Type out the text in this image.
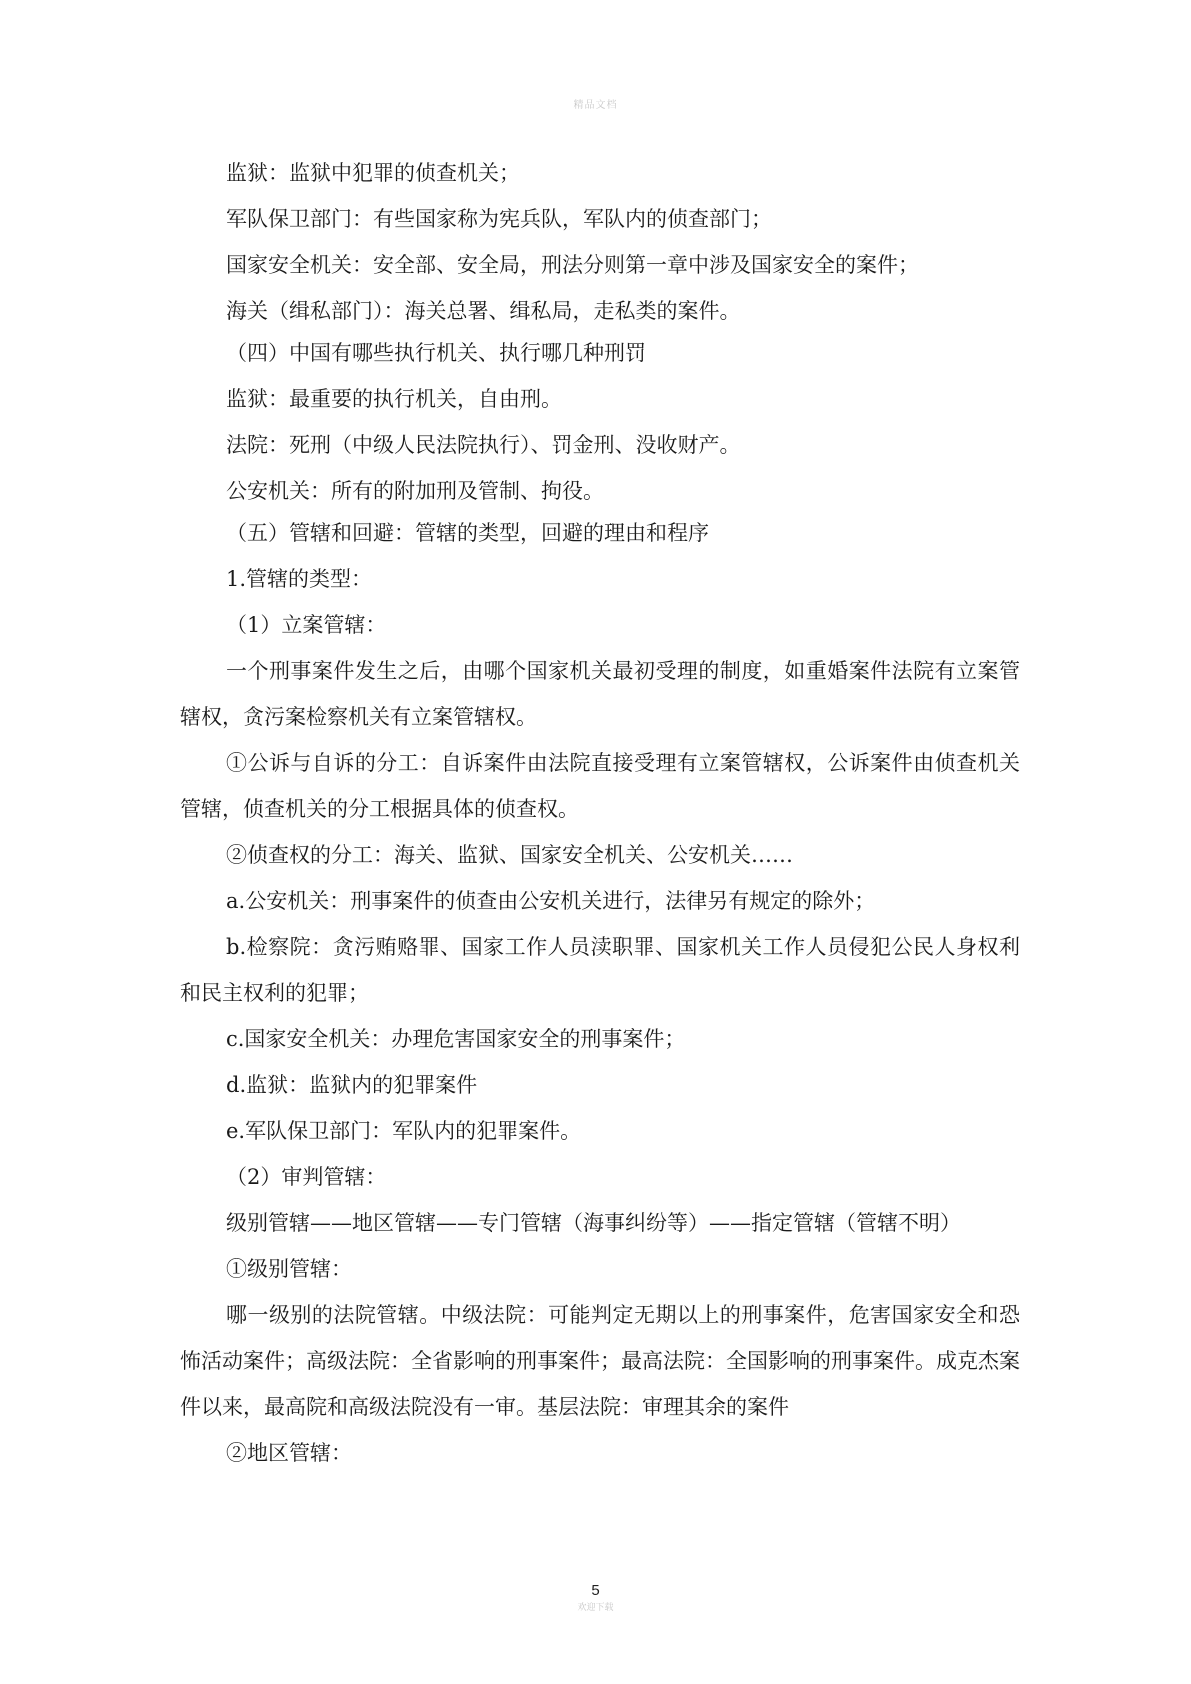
精品文档

监狱：监狱中犯罪的侦查机关；

军队保卫部门：有些国家称为宪兵队，军队内的侦查部门；

国家安全机关：安全部、安全局，刑法分则第一章中涉及国家安全的案件；

海关（缉私部门）：海关总署、缉私局，走私类的案件。

（四）中国有哪些执行机关、执行哪几种刑罚

监狱：最重要的执行机关，自由刑。

法院：死刑（中级人民法院执行）、罚金刑、没收财产。

公安机关：所有的附加刑及管制、拘役。

（五）管辖和回避：管辖的类型，回避的理由和程序

1.管辖的类型：

（1）立案管辖：

一个刑事案件发生之后，由哪个国家机关最初受理的制度，如重婚案件法院有立案管辖权，贪污案检察机关有立案管辖权。

①公诉与自诉的分工：自诉案件由法院直接受理有立案管辖权，公诉案件由侦查机关管辖，侦查机关的分工根据具体的侦查权。

②侦查权的分工：海关、监狱、国家安全机关、公安机关……

a.公安机关：刑事案件的侦查由公安机关进行，法律另有规定的除外；

b.检察院：贪污贿赂罪、国家工作人员渎职罪、国家机关工作人员侵犯公民人身权利和民主权利的犯罪；

c.国家安全机关：办理危害国家安全的刑事案件；

d.监狱：监狱内的犯罪案件

e.军队保卫部门：军队内的犯罪案件。

（2）审判管辖：

级别管辖——地区管辖——专门管辖（海事纠纷等）——指定管辖（管辖不明）

①级别管辖：

哪一级别的法院管辖。中级法院：可能判定无期以上的刑事案件，危害国家安全和恐怖活动案件；高级法院：全省影响的刑事案件；最高法院：全国影响的刑事案件。成克杰案件以来，最高院和高级法院没有一审。基层法院：审理其余的案件

②地区管辖：

5
欢迎下载
